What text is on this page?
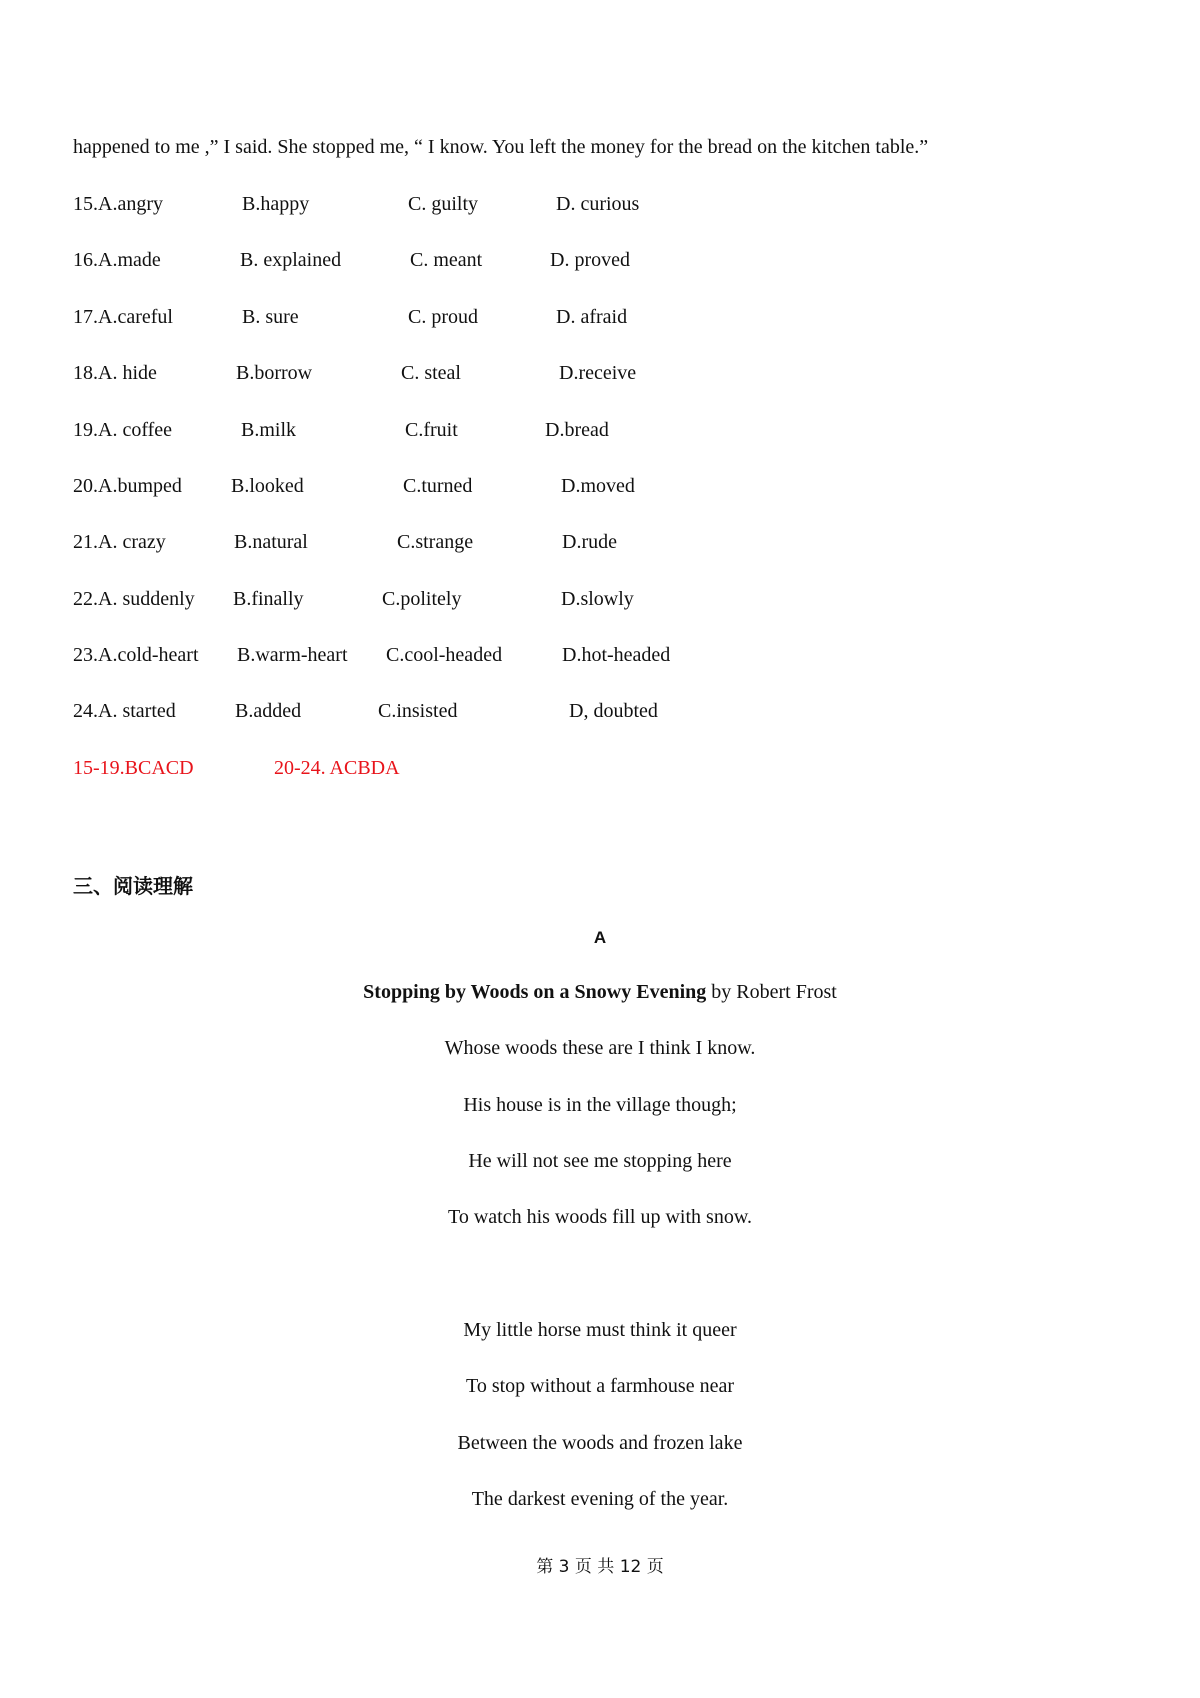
happened to me ,” I said. She stopped me, “ I know. You left the money for the bread on the kitchen table.”
15.A.angry	B.happy	C. guilty	D. curious
16.A.made	B. explained	C. meant	D. proved
17.A.careful	B. sure	C. proud	D. afraid
18.A. hide	B.borrow	C. steal	D.receive
19.A. coffee	B.milk	C.fruit	D.bread
20.A.bumped B.looked	C.turned	D.moved
21.A. crazy	B.natural	C.strange	D.rude
22.A. suddenly B.finally	C.politely	D.slowly
23.A.cold-heart B.warm-heart C.cool-headed	D.hot-headed
24.A. started	B.added	C.insisted	D, doubted
15-19.BCACD	20-24. ACBDA
三、阅读理解
A
Stopping by Woods on a Snowy Evening by Robert Frost
Whose woods these are I think I know.
His house is in the village though;
He will not see me stopping here
To watch his woods fill up with snow.
My little horse must think it queer
To stop without a farmhouse near
Between the woods and frozen lake
The darkest evening of the year.
第 3 页 共 12 页
